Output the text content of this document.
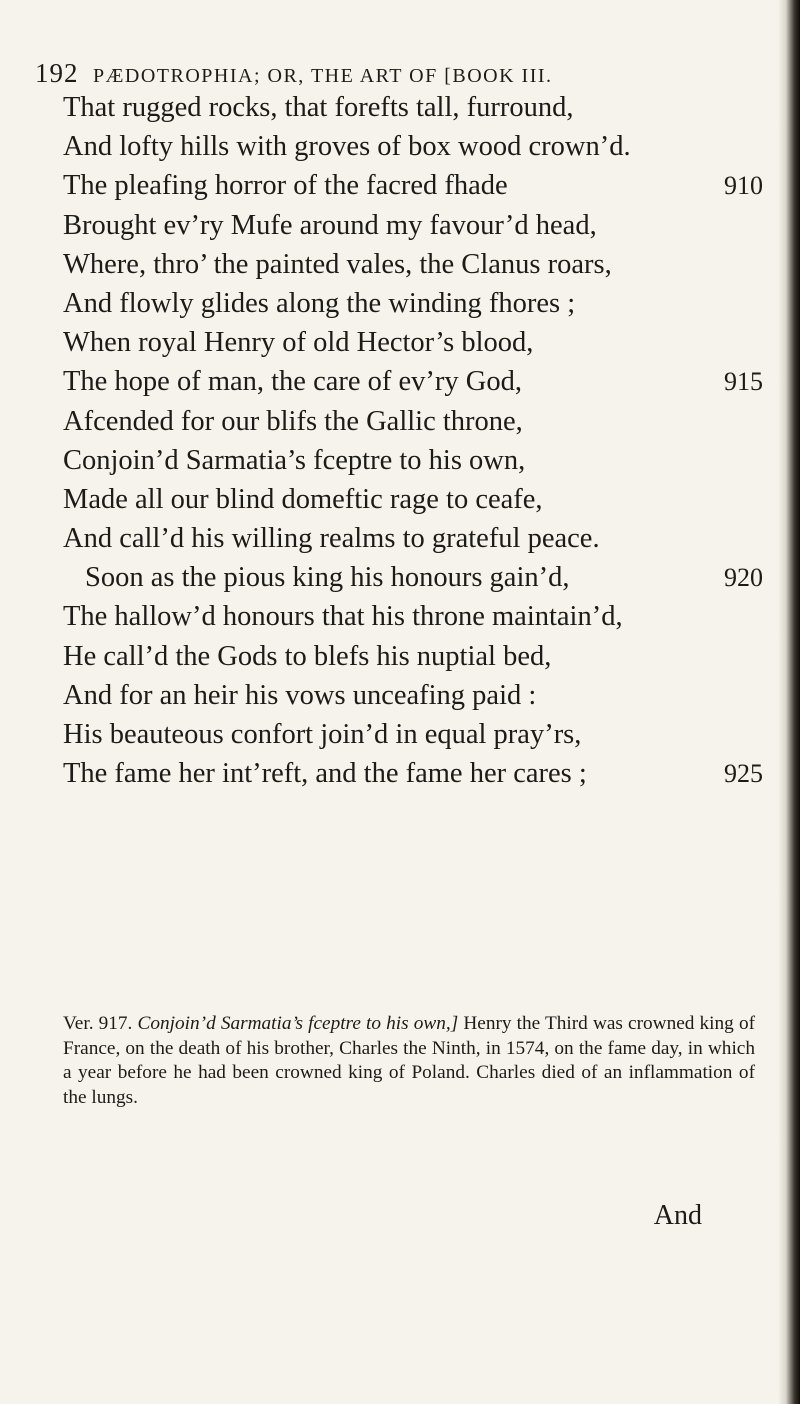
192 PÆDOTROPHIA; OR, THE ART OF [BOOK III.
That rugged rocks, that forefts tall, furround,
And lofty hills with groves of box wood crown’d.
The pleafing horror of the facred fhade	910
Brought ev’ry Mufe around my favour’d head,
Where, thro’ the painted vales, the Clanus roars,
And flowly glides along the winding fhores ;
When royal Henry of old Hector’s blood,
The hope of man, the care of ev’ry God,	915
Afcended for our blifs the Gallic throne,
Conjoin’d Sarmatia’s fceptre to his own,
Made all our blind domeftic rage to ceafe,
And call’d his willing realms to grateful peace.
Soon as the pious king his honours gain’d,	920
The hallow’d honours that his throne maintain’d,
He call’d the Gods to blefs his nuptial bed,
And for an heir his vows unceafing paid :
His beauteous confort join’d in equal pray’rs,
The fame her int’reft, and the fame her cares ;	925
Ver. 917. Conjoin’d Sarmatia’s fceptre to his own,] Henry the Third was crowned king of France, on the death of his brother, Charles the Ninth, in 1574, on the fame day, in which a year before he had been crowned king of Poland. Charles died of an inflammation of the lungs.
And
